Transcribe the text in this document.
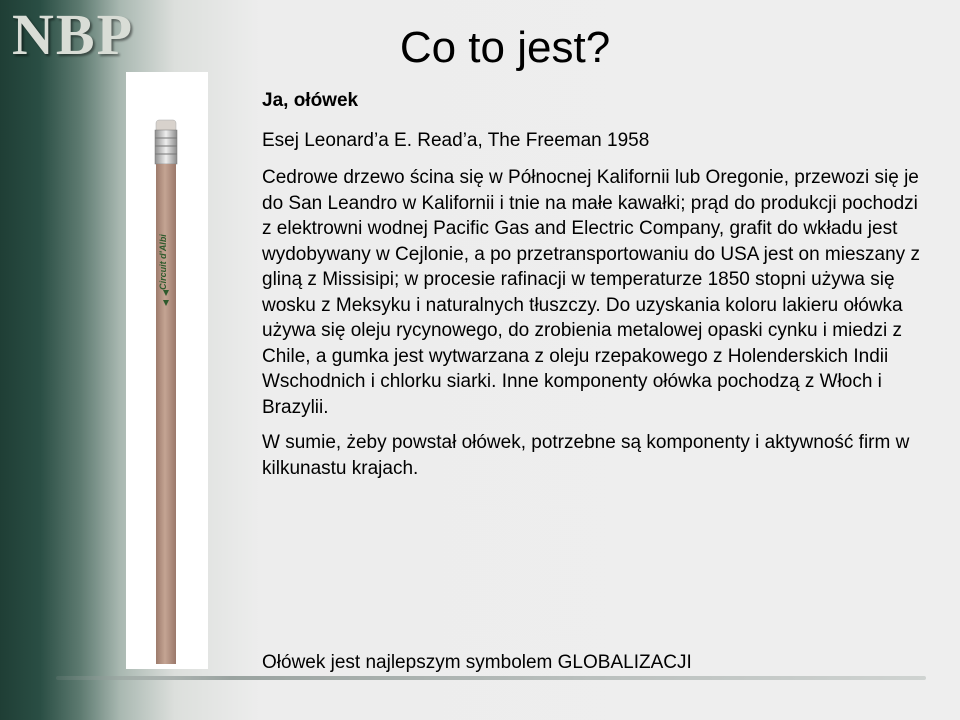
NBP	Co to jest?
Circuit d'Albi

Ja, ołówek

Esej Leonard’a E. Read’a, The Freeman 1958

Cedrowe drzewo ścina się w Północnej Kalifornii lub Oregonie, przewozi się je do San Leandro w Kalifornii i tnie na małe kawałki; prąd do produkcji pochodzi z elektrowni wodnej Pacific Gas and Electric Company, grafit do wkładu jest wydobywany w Cejlonie, a po przetransportowaniu do USA jest on mieszany z gliną z Missisipi; w procesie rafinacji w temperaturze 1850 stopni używa się wosku z Meksyku i naturalnych tłuszczy. Do uzyskania koloru lakieru ołówka używa się oleju rycynowego, do zrobienia metalowej opaski cynku i miedzi z Chile, a gumka jest wytwarzana z oleju rzepakowego z Holenderskich Indii Wschodnich i chlorku siarki. Inne komponenty ołówka pochodzą z Włoch i Brazylii.

W sumie, żeby powstał ołówek, potrzebne są komponenty i aktywność firm w kilkunastu krajach.

Ołówek jest najlepszym symbolem GLOBALIZACJI
